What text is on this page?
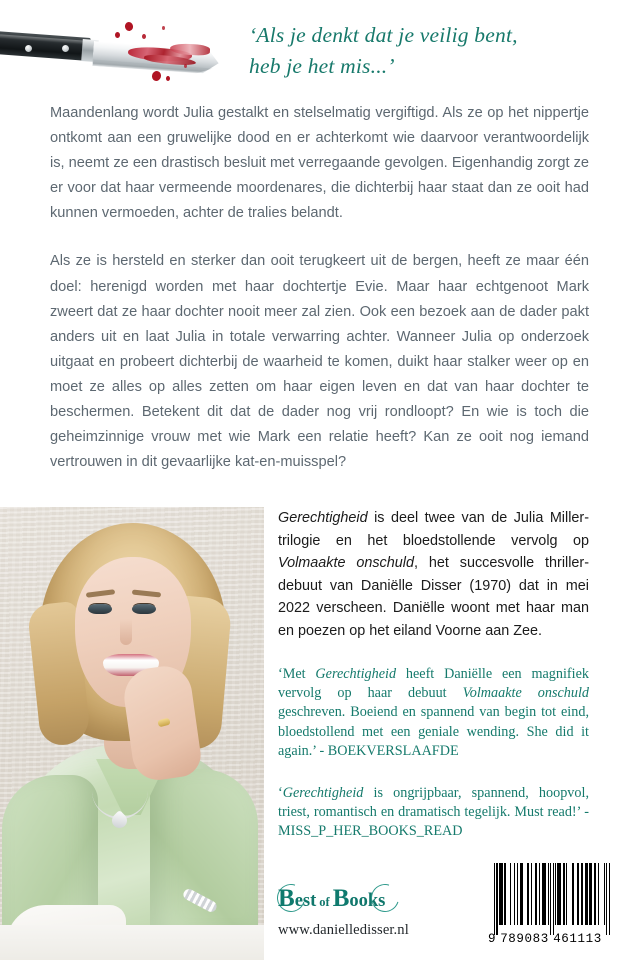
‘Als je denkt dat je veilig bent,
heb je het mis...’

Maandenlang wordt Julia gestalkt en stelselmatig vergiftigd. Als ze op het nippertje ontkomt aan een gruwelijke dood en er achterkomt wie daarvoor verantwoordelijk is, neemt ze een drastisch besluit met verregaande gevolgen. Eigenhandig zorgt ze er voor dat haar vermeende moordenares, die dichterbij haar staat dan ze ooit had kunnen vermoeden, achter de tralies belandt.

Als ze is hersteld en sterker dan ooit terugkeert uit de bergen, heeft ze maar één doel: herenigd worden met haar dochtertje Evie. Maar haar echtgenoot Mark zweert dat ze haar dochter nooit meer zal zien. Ook een bezoek aan de dader pakt anders uit en laat Julia in totale verwarring achter. Wanneer Julia op onderzoek uitgaat en probeert dichterbij de waarheid te komen, duikt haar stalker weer op en moet ze alles op alles zetten om haar eigen leven en dat van haar dochter te beschermen. Betekent dit dat de dader nog vrij rondloopt? En wie is toch die geheimzinnige vrouw met wie Mark een relatie heeft? Kan ze ooit nog iemand vertrouwen in dit gevaarlijke kat-en-muisspel?

Gerechtigheid is deel twee van de Julia Miller-trilogie en het bloedstollende vervolg op Volmaakte onschuld, het succesvolle thriller-debuut van Daniëlle Disser (1970) dat in mei 2022 verscheen. Daniëlle woont met haar man en poezen op het eiland Voorne aan Zee.

‘Met Gerechtigheid heeft Daniëlle een magnifiek vervolg op haar debuut Volmaakte onschuld geschreven. Boeiend en spannend van begin tot eind, bloedstollend met een geniale wending. She did it again.’ - BOEKVERSLAAFDE

‘Gerechtigheid is ongrijpbaar, spannend, hoopvol, triest, romantisch en dramatisch tegelijk. Must read!’ - MISS_P_HER_BOOKS_READ

Best of Books
www.danielledisser.nl
9 789083 461113
